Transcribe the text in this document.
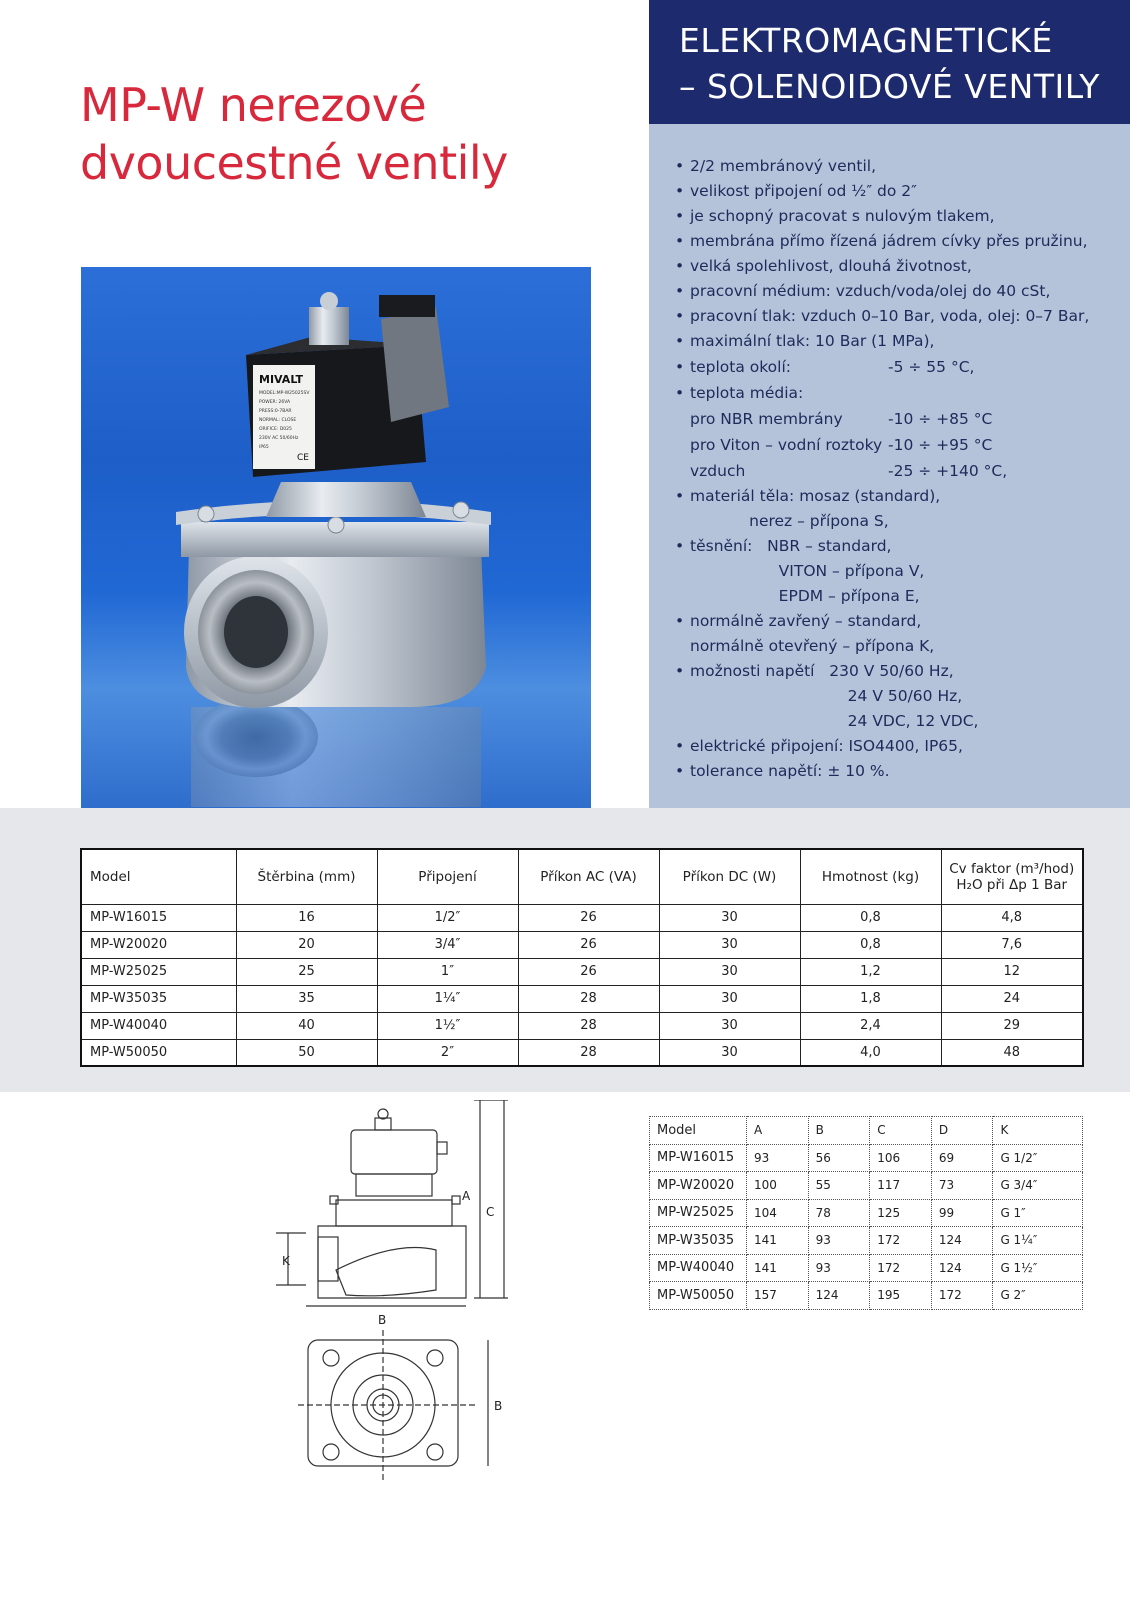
MP-W nerezové
dvoucestné ventily
ELEKTROMAGNETICKÉ
– SOLENOIDOVÉ VENTILY
• 2/2 membránový ventil,
• velikost připojení od ½″ do 2″
• je schopný pracovat s nulovým tlakem,
• membrána přímo řízená jádrem cívky přes pružinu,
• velká spolehlivost, dlouhá životnost,
• pracovní médium: vzduch/voda/olej do 40 cSt,
• pracovní tlak: vzduch 0–10 Bar, voda, olej: 0–7 Bar,
• maximální tlak: 10 Bar (1 MPa),
• teplota okolí:	-5 ÷ 55 °C,
• teplota média:
pro NBR membrány	-10 ÷ +85 °C
pro Viton – vodní roztoky -10 ÷ +95 °C
vzduch	-25 ÷ +140 °C,
• materiál těla: mosaz (standard),
nerez – přípona S,
• těsnění:   NBR – standard,
VITON – přípona V,
EPDM – přípona E,
• normálně zavřený – standard,
normálně otevřený – přípona K,
• možnosti napětí   230 V 50/60 Hz,
24 V 50/60 Hz,
24 VDC, 12 VDC,
• elektrické připojení: ISO4400, IP65,
• tolerance napětí: ± 10 %.
MIVALT
MODEL:MP-W25025SV
POWER: 26VA
PRESS:0-7BAR
NORMAL: CLOSE
ORIFICE: D025
230V AC 50/60Hz
IP65
CE
Model	Štěrbina (mm)	Připojení	Příkon AC (VA)	Příkon DC (W)	Hmotnost (kg)	Cv faktor (m³/hod)
H₂O při Δp 1 Bar

MP-W16015	16	1/2″	26	30	0,8	4,8
MP-W20020	20	3/4″	26	30	0,8	7,6
MP-W25025	25	1″	26	30	1,2	12
MP-W35035	35	1¼″	28	30	1,8	24
MP-W40040	40	1½″	28	30	2,4	29
MP-W50050	50	2″	28	30	4,0	48
K
B
A
C
B
Model	A	B	C	D	K
MP-W16015	93	56	106	69	G 1/2″
MP-W20020	100	55	117	73	G 3/4″
MP-W25025	104	78	125	99	G 1″
MP-W35035	141	93	172	124	G 1¼″
MP-W40040	141	93	172	124	G 1½″
MP-W50050	157	124	195	172	G 2″
